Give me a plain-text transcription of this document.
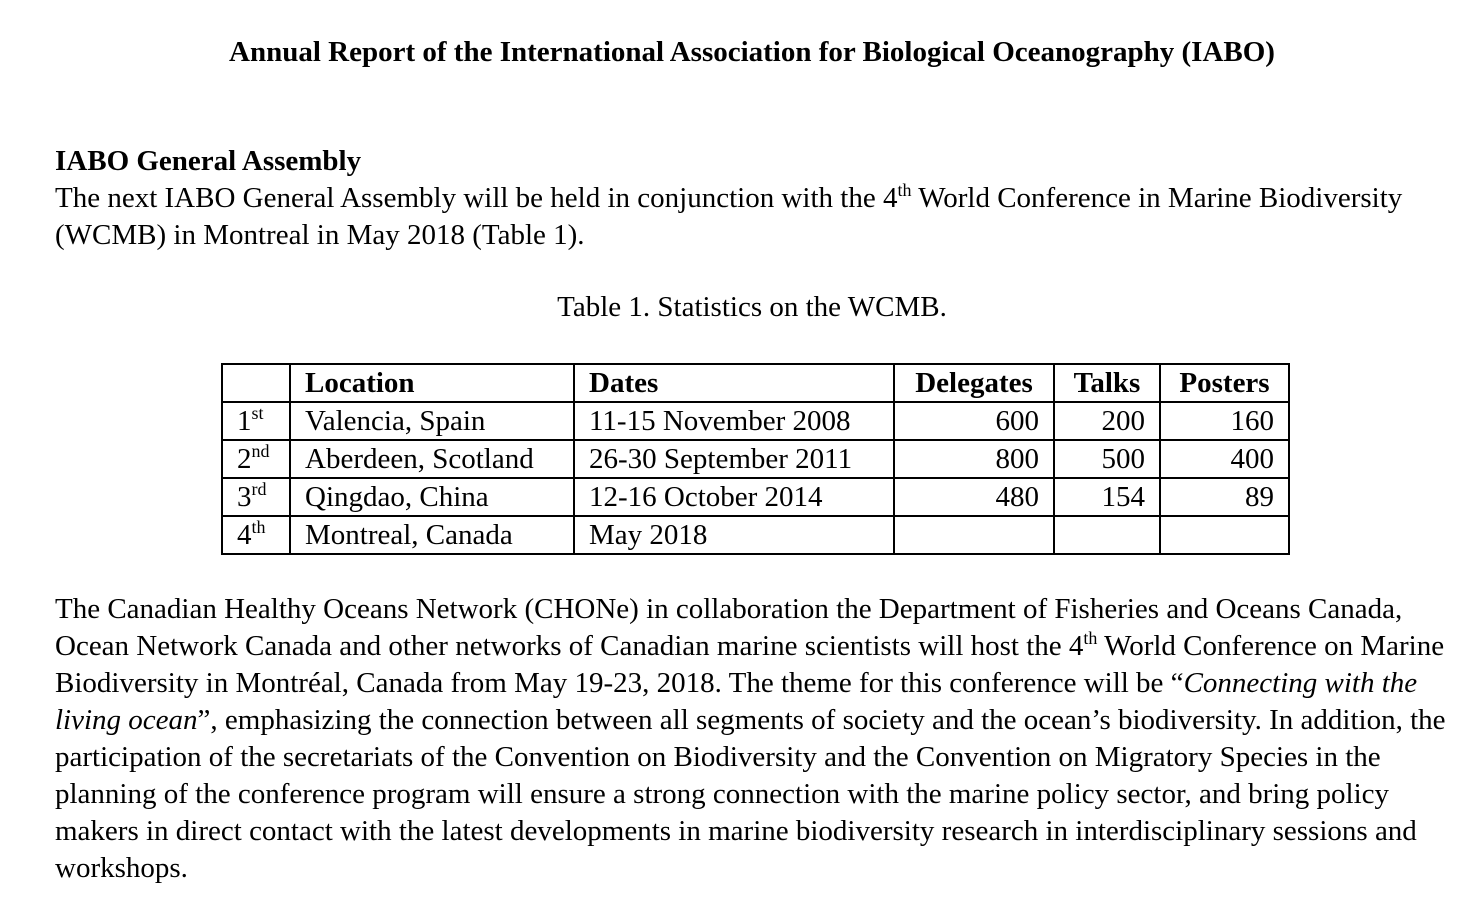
Annual Report of the International Association for Biological Oceanography (IABO)
IABO General Assembly

The next IABO General Assembly will be held in conjunction with the 4th World Conference in Marine Biodiversity (WCMB) in Montreal in May 2018 (Table 1).

Table 1. Statistics on the WCMB.
	Location	Dates	Delegates	Talks	Posters
1st	Valencia, Spain	11-15 November 2008	600	200	160
2nd	Aberdeen, Scotland	26-30 September 2011	800	500	400
3rd	Qingdao, China	12-16 October 2014	480	154	89
4th	Montreal, Canada	May 2018			

The Canadian Healthy Oceans Network (CHONe) in collaboration the Department of Fisheries and Oceans Canada, Ocean Network Canada and other networks of Canadian marine scientists will host the 4th World Conference on Marine Biodiversity in Montréal, Canada from May 19-23, 2018. The theme for this conference will be “Connecting with the living ocean”, emphasizing the connection between all segments of society and the ocean’s biodiversity. In addition, the participation of the secretariats of the Convention on Biodiversity and the Convention on Migratory Species in the planning of the conference program will ensure a strong connection with the marine policy sector, and bring policy makers in direct contact with the latest developments in marine biodiversity research in interdisciplinary sessions and workshops.
